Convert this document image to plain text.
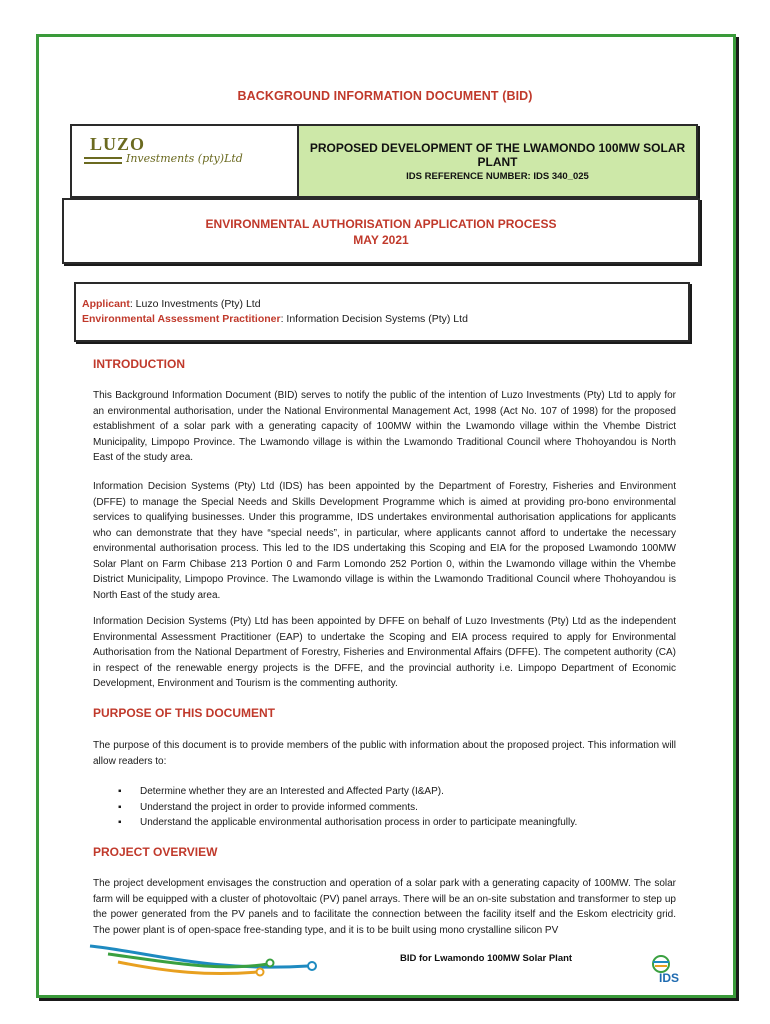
BACKGROUND INFORMATION DOCUMENT (BID)
LUZO
Investments (pty)Ltd
PROPOSED DEVELOPMENT OF THE LWAMONDO 100MW SOLAR PLANT
IDS REFERENCE NUMBER: IDS 340_025
ENVIRONMENTAL AUTHORISATION APPLICATION PROCESS
MAY 2021
Applicant: Luzo Investments (Pty) Ltd
Environmental Assessment Practitioner: Information Decision Systems (Pty) Ltd
INTRODUCTION
This Background Information Document (BID) serves to notify the public of the intention of Luzo Investments (Pty) Ltd to apply for an environmental authorisation, under the National Environmental Management Act, 1998 (Act No. 107 of 1998) for the proposed establishment of a solar park with a generating capacity of 100MW within the Lwamondo village within the Vhembe District Municipality, Limpopo Province. The Lwamondo village is within the Lwamondo Traditional Council where Thohoyandou is North East of the study area.
Information Decision Systems (Pty) Ltd (IDS) has been appointed by the Department of Forestry, Fisheries and Environment (DFFE) to manage the Special Needs and Skills Development Programme which is aimed at providing pro-bono environmental services to qualifying businesses. Under this programme, IDS undertakes environmental authorisation applications for applicants who can demonstrate that they have “special needs”, in particular, where applicants cannot afford to undertake the necessary environmental authorisation process. This led to the IDS undertaking this Scoping and EIA for the proposed Lwamondo 100MW Solar Plant on Farm Chibase 213 Portion 0 and Farm Lomondo 252 Portion 0, within the Lwamondo village within the Vhembe District Municipality, Limpopo Province. The Lwamondo village is within the Lwamondo Traditional Council where Thohoyandou is North East of the study area.
Information Decision Systems (Pty) Ltd has been appointed by DFFE on behalf of Luzo Investments (Pty) Ltd as the independent Environmental Assessment Practitioner (EAP) to undertake the Scoping and EIA process required to apply for Environmental Authorisation from the National Department of Forestry, Fisheries and Environmental Affairs (DFFE). The competent authority (CA) in respect of the renewable energy projects is the DFFE, and the provincial authority i.e. Limpopo Department of Economic Development, Environment and Tourism is the commenting authority.
PURPOSE OF THIS DOCUMENT
The purpose of this document is to provide members of the public with information about the proposed project. This information will allow readers to:
▪	Determine whether they are an Interested and Affected Party (I&AP).
▪	Understand the project in order to provide informed comments.
▪	Understand the applicable environmental authorisation process in order to participate meaningfully.
PROJECT OVERVIEW
The project development envisages the construction and operation of a solar park with a generating capacity of 100MW. The solar farm will be equipped with a cluster of photovoltaic (PV) panel arrays. There will be an on-site substation and transformer to step up the power generated from the PV panels and to facilitate the connection between the facility itself and the Eskom electricity grid. The power plant is of open-space free-standing type, and it is to be built using mono crystalline silicon PV
BID for Lwamondo 100MW Solar Plant
IDS
